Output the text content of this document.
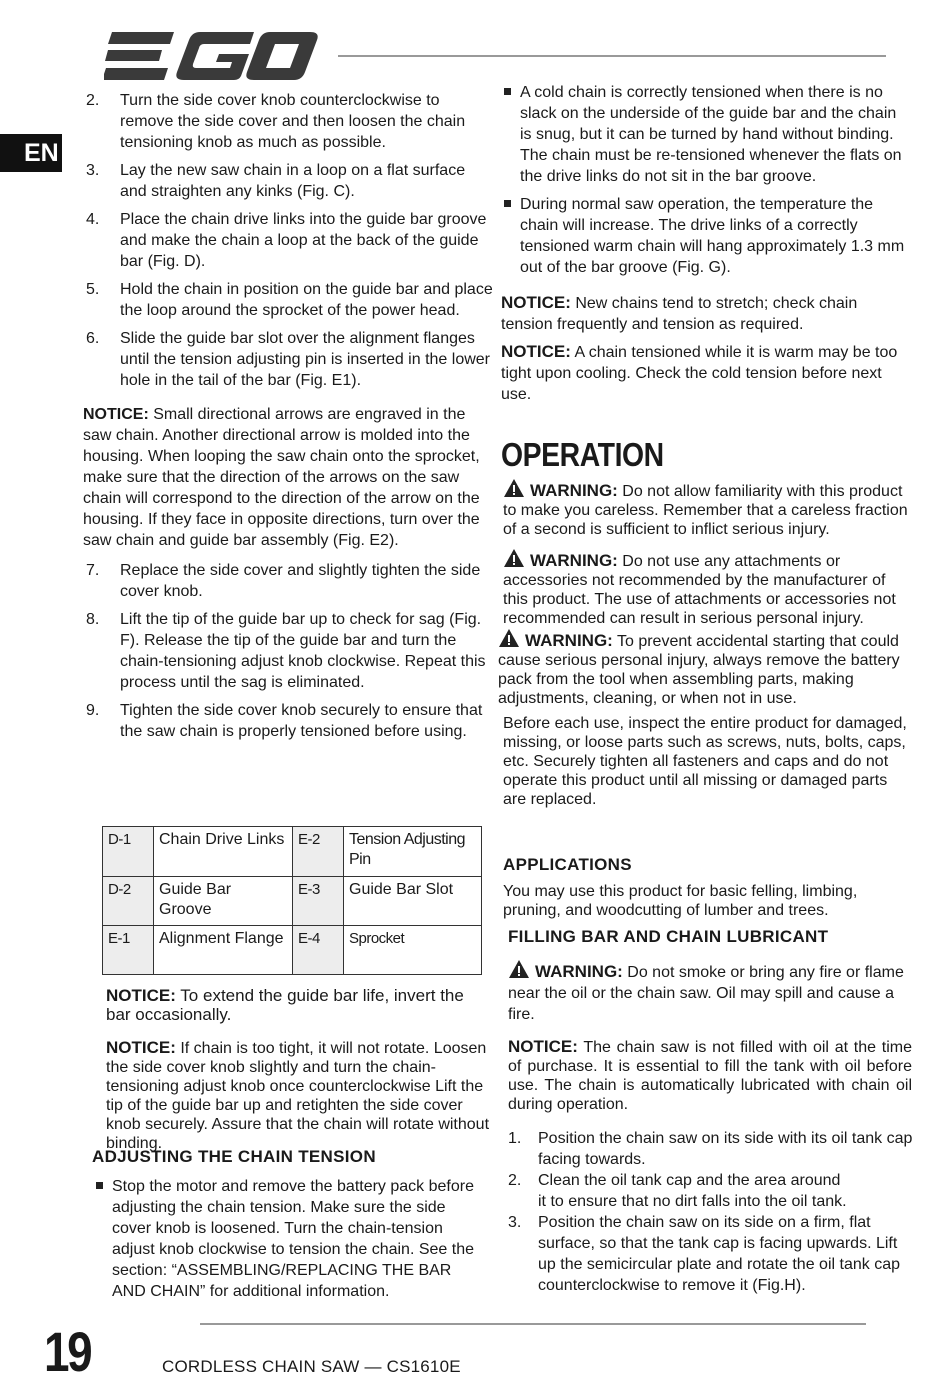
EN
2. Turn the side cover knob counterclockwise to remove the side cover and then loosen the chain tensioning knob as much as possible.
3. Lay the new saw chain in a loop on a flat surface and straighten any kinks (Fig. C).
4. Place the chain drive links into the guide bar groove and make the chain a loop at the back of the guide bar (Fig. D).
5. Hold the chain in position on the guide bar and place the loop around the sprocket of the power head.
6. Slide the guide bar slot over the alignment flanges until the tension adjusting pin is inserted in the lower hole in the tail of the bar (Fig. E1).
NOTICE: Small directional arrows are engraved in the saw chain. Another directional arrow is molded into the housing. When looping the saw chain onto the sprocket, make sure that the direction of the arrows on the saw chain will correspond to the direction of the arrow on the housing. If they face in opposite directions, turn over the saw chain and guide bar assembly (Fig. E2).
7. Replace the side cover and slightly tighten the side cover knob.
8. Lift the tip of the guide bar up to check for sag (Fig. F). Release the tip of the guide bar and turn the chain-tensioning adjust knob clockwise. Repeat this process until the sag is eliminated.
9. Tighten the side cover knob securely to ensure that the saw chain is properly tensioned before using.
D-1	Chain Drive Links	E-2	Tension Adjusting Pin
D-2	Guide Bar Groove	E-3	Guide Bar Slot
E-1	Alignment Flange	E-4	Sprocket
NOTICE: To extend the guide bar life, invert the bar occasionally.
NOTICE: If chain is too tight, it will not rotate. Loosen the side cover knob slightly and turn the chain-tensioning adjust knob once counterclockwise Lift the tip of the guide bar up and retighten the side cover knob securely. Assure that the chain will rotate without binding.
ADJUSTING THE CHAIN TENSION
Stop the motor and remove the battery pack before adjusting the chain tension. Make sure the side cover knob is loosened. Turn the chain-tension adjust knob clockwise to tension the chain. See the section: “ASSEMBLING/REPLACING THE BAR AND CHAIN” for additional information.
A cold chain is correctly tensioned when there is no slack on the underside of the guide bar and the chain is snug, but it can be turned by hand without binding. The chain must be re-tensioned whenever the flats on the drive links do not sit in the bar groove.
During normal saw operation, the temperature the chain will increase. The drive links of a correctly tensioned warm chain will hang approximately 1.3 mm out of the bar groove (Fig. G).
NOTICE: New chains tend to stretch; check chain tension frequently and tension as required.
NOTICE: A chain tensioned while it is warm may be too tight upon cooling. Check the cold tension before next use.
OPERATION
WARNING: Do not allow familiarity with this product to make you careless. Remember that a careless fraction of a second is sufficient to inflict serious injury.
WARNING: Do not use any attachments or accessories not recommended by the manufacturer of this product. The use of attachments or accessories not recommended can result in serious personal injury.
WARNING: To prevent accidental starting that could cause serious personal injury, always remove the battery pack from the tool when assembling parts, making adjustments, cleaning, or when not in use.
Before each use, inspect the entire product for damaged, missing, or loose parts such as screws, nuts, bolts, caps, etc. Securely tighten all fasteners and caps and do not operate this product until all missing or damaged parts are replaced.
APPLICATIONS
You may use this product for basic felling, limbing, pruning, and woodcutting of lumber and trees.
FILLING BAR AND CHAIN LUBRICANT
WARNING: Do not smoke or bring any fire or flame near the oil or the chain saw. Oil may spill and cause a fire.
NOTICE: The chain saw is not filled with oil at the time of purchase. It is essential to fill the tank with oil before use. The chain is automatically lubricated with chain oil during operation.
1. Position the chain saw on its side with its oil tank cap facing towards.
2. Clean the oil tank cap and the area around it to ensure that no dirt falls into the oil tank.
3. Position the chain saw on its side on a firm, flat surface, so that the tank cap is facing upwards. Lift up the semicircular plate and rotate the oil tank cap counterclockwise to remove it (Fig.H).
19	CORDLESS CHAIN SAW — CS1610E
